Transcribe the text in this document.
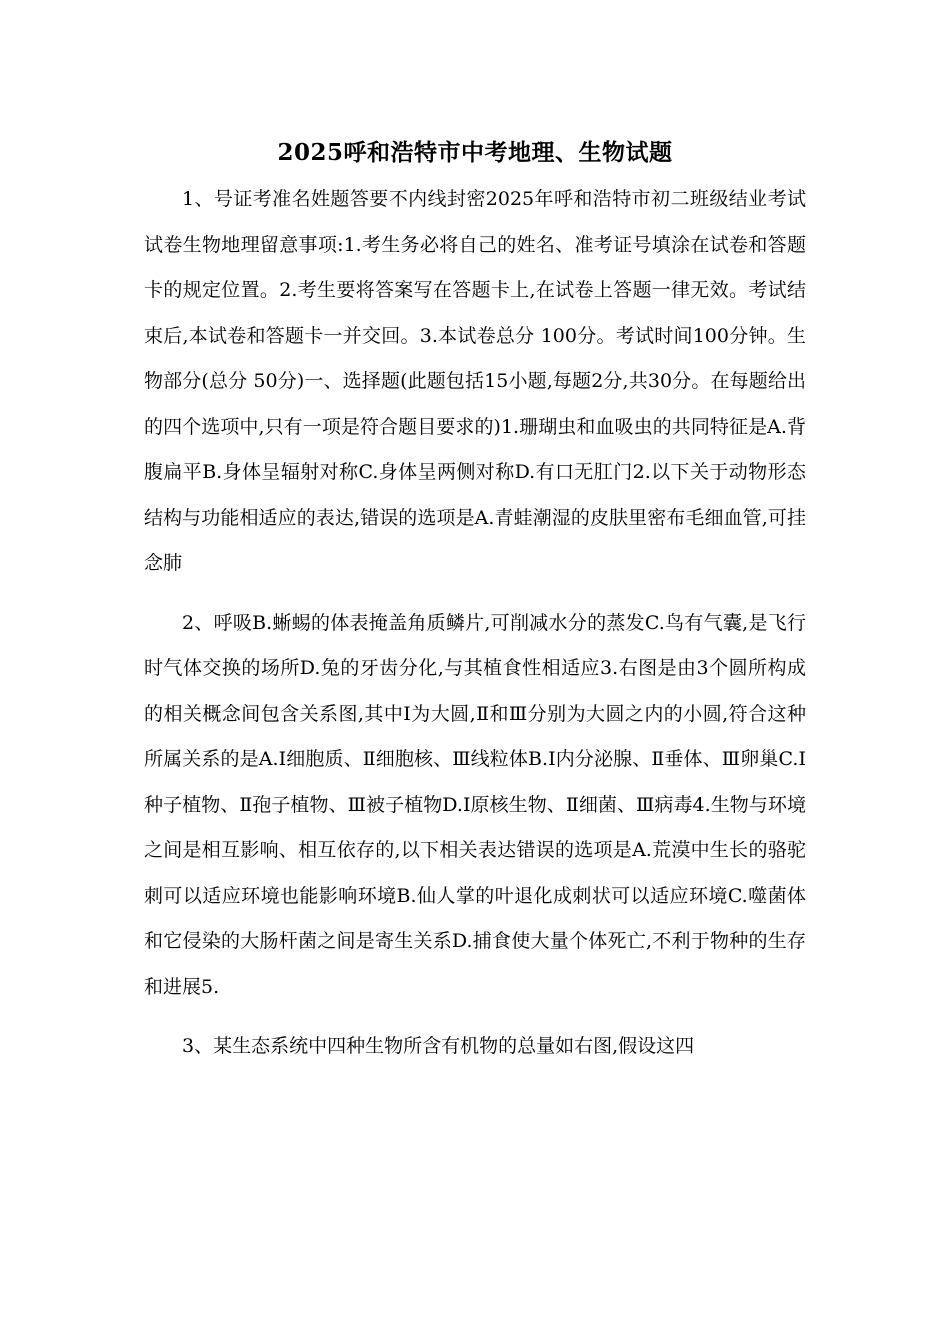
2025呼和浩特市中考地理、生物试题

1、号证考准名姓题答要不内线封密2025年呼和浩特市初二班级结业考试试卷生物地理留意事项:1.考生务必将自己的姓名、准考证号填涂在试卷和答题卡的规定位置。2.考生要将答案写在答题卡上,在试卷上答题一律无效。考试结束后,本试卷和答题卡一并交回。3.本试卷总分 100分。考试时间100分钟。生物部分(总分 50分)一、选择题(此题包括15小题,每题2分,共30分。在每题给出的四个选项中,只有一项是符合题目要求的)1.珊瑚虫和血吸虫的共同特征是A.背腹扁平B.身体呈辐射对称C.身体呈两侧对称D.有口无肛门2.以下关于动物形态结构与功能相适应的表达,错误的选项是A.青蛙潮湿的皮肤里密布毛细血管,可挂念肺

2、呼吸B.蜥蜴的体表掩盖角质鳞片,可削减水分的蒸发C.鸟有气囊,是飞行时气体交换的场所D.兔的牙齿分化,与其植食性相适应3.右图是由3个圆所构成的相关概念间包含关系图,其中Ⅰ为大圆,Ⅱ和Ⅲ分别为大圆之内的小圆,符合这种所属关系的是A.Ⅰ细胞质、Ⅱ细胞核、Ⅲ线粒体B.Ⅰ内分泌腺、Ⅱ垂体、Ⅲ卵巢C.Ⅰ种子植物、Ⅱ孢子植物、Ⅲ被子植物D.Ⅰ原核生物、Ⅱ细菌、Ⅲ病毒4.生物与环境之间是相互影响、相互依存的,以下相关表达错误的选项是A.荒漠中生长的骆驼刺可以适应环境也能影响环境B.仙人掌的叶退化成刺状可以适应环境C.噬菌体和它侵染的大肠杆菌之间是寄生关系D.捕食使大量个体死亡,不利于物种的生存和进展5.

3、某生态系统中四种生物所含有机物的总量如右图,假设这四
